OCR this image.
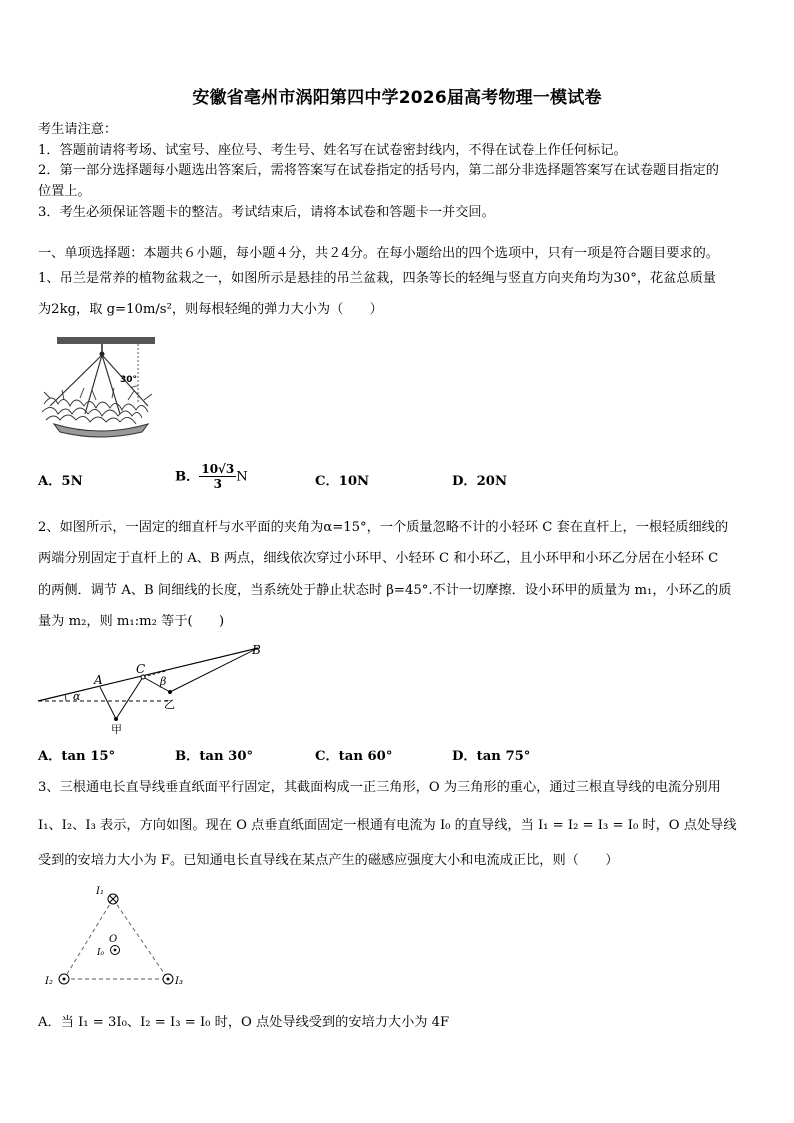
安徽省亳州市涡阳第四中学2026届高考物理一模试卷
考生请注意：
1．答题前请将考场、试室号、座位号、考生号、姓名写在试卷密封线内，不得在试卷上作任何标记。
2．第一部分选择题每小题选出答案后，需将答案写在试卷指定的括号内，第二部分非选择题答案写在试卷题目指定的
位置上。
3．考生必须保证答题卡的整洁。考试结束后，请将本试卷和答题卡一并交回。
一、单项选择题：本题共６小题，每小题４分，共２4分。在每小题给出的四个选项中，只有一项是符合题目要求的。
1、吊兰是常养的植物盆栽之一，如图所示是悬挂的吊兰盆栽，四条等长的轻绳与竖直方向夹角均为30°，花盆总质量
为2kg，取 g=10m/s²，则每根轻绳的弹力大小为（　　）
30°
A．5N	B． $\frac{10√3}{3}$ N	C．10N	D．20N
2、如图所示，一固定的细直杆与水平面的夹角为α=15°，一个质量忽略不计的小轻环 C 套在直杆上，一根轻质细线的
两端分别固定于直杆上的 A、B 两点，细线依次穿过小环甲、小轻环 C 和小环乙，且小环甲和小环乙分居在小轻环 C
的两侧．调节 A、B 间细线的长度，当系统处于静止状态时 β=45°.不计一切摩擦．设小环甲的质量为 m₁，小环乙的质
量为 m₂，则 m₁:m₂ 等于(　　)
A
B
C
α
β
甲
乙
A．tan 15°	B．tan 30°	C．tan 60°	D．tan 75°
3、三根通电长直导线垂直纸面平行固定，其截面构成一正三角形，O 为三角形的重心，通过三根直导线的电流分别用
I₁、I₂、I₃ 表示，方向如图。现在 O 点垂直纸面固定一根通有电流为 I₀ 的直导线，当 I₁ = I₂ = I₃ = I₀ 时，O 点处导线
受到的安培力大小为 F。已知通电长直导线在某点产生的磁感应强度大小和电流成正比，则（　　）
I₁
I₂	I₃
O
I₀
A．当 I₁ = 3I₀、I₂ = I₃ = I₀ 时，O 点处导线受到的安培力大小为 4F
